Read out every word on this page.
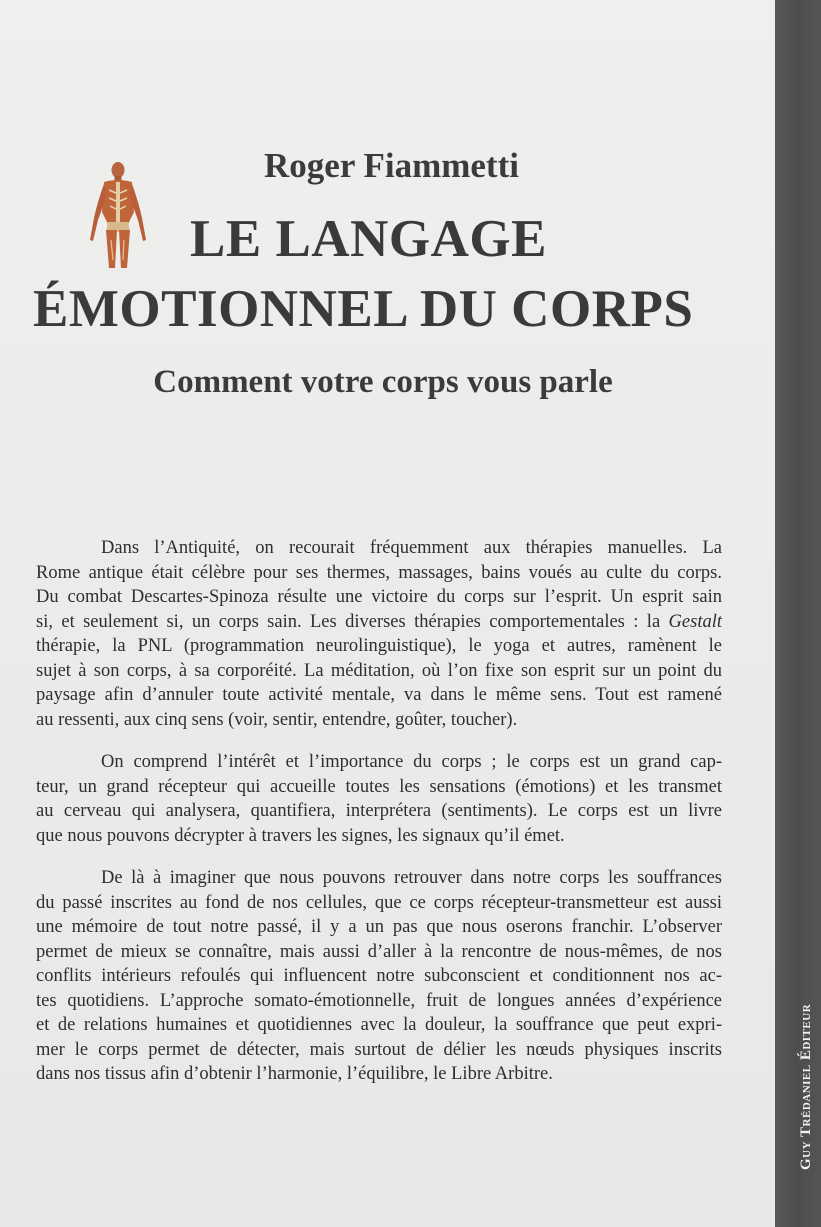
Guy Trédaniel Éditeur
Roger Fiammetti
LE LANGAGE
ÉMOTIONNEL DU CORPS
Comment votre corps vous parle

Dans l’Antiquité, on recourait fréquemment aux thérapies manuelles. La

Rome antique était célèbre pour ses thermes, massages, bains voués au culte du corps.

Du combat Descartes-Spinoza résulte une victoire du corps sur l’esprit. Un esprit sain

si, et seulement si, un corps sain. Les diverses thérapies comportementales : la Gestalt

thérapie, la PNL (programmation neurolinguistique), le yoga et autres, ramènent le

sujet à son corps, à sa corporéité. La méditation, où l’on fixe son esprit sur un point du

paysage afin d’annuler toute activité mentale, va dans le même sens. Tout est ramené

au ressenti, aux cinq sens (voir, sentir, entendre, goûter, toucher).

On comprend l’intérêt et l’importance du corps ; le corps est un grand cap-

teur, un grand récepteur qui accueille toutes les sensations (émotions) et les transmet

au cerveau qui analysera, quantifiera, interprétera (sentiments). Le corps est un livre

que nous pouvons décrypter à travers les signes, les signaux qu’il émet.

De là à imaginer que nous pouvons retrouver dans notre corps les souffrances

du passé inscrites au fond de nos cellules, que ce corps récepteur-transmetteur est aussi

une mémoire de tout notre passé, il y a un pas que nous oserons franchir. L’observer

permet de mieux se connaître, mais aussi d’aller à la rencontre de nous-mêmes, de nos

conflits intérieurs refoulés qui influencent notre subconscient et conditionnent nos ac-

tes quotidiens. L’approche somato-émotionnelle, fruit de longues années d’expérience

et de relations humaines et quotidiennes avec la douleur, la souffrance que peut expri-

mer le corps permet de détecter, mais surtout de délier les nœuds physiques inscrits

dans nos tissus afin d’obtenir l’harmonie, l’équilibre, le Libre Arbitre.
